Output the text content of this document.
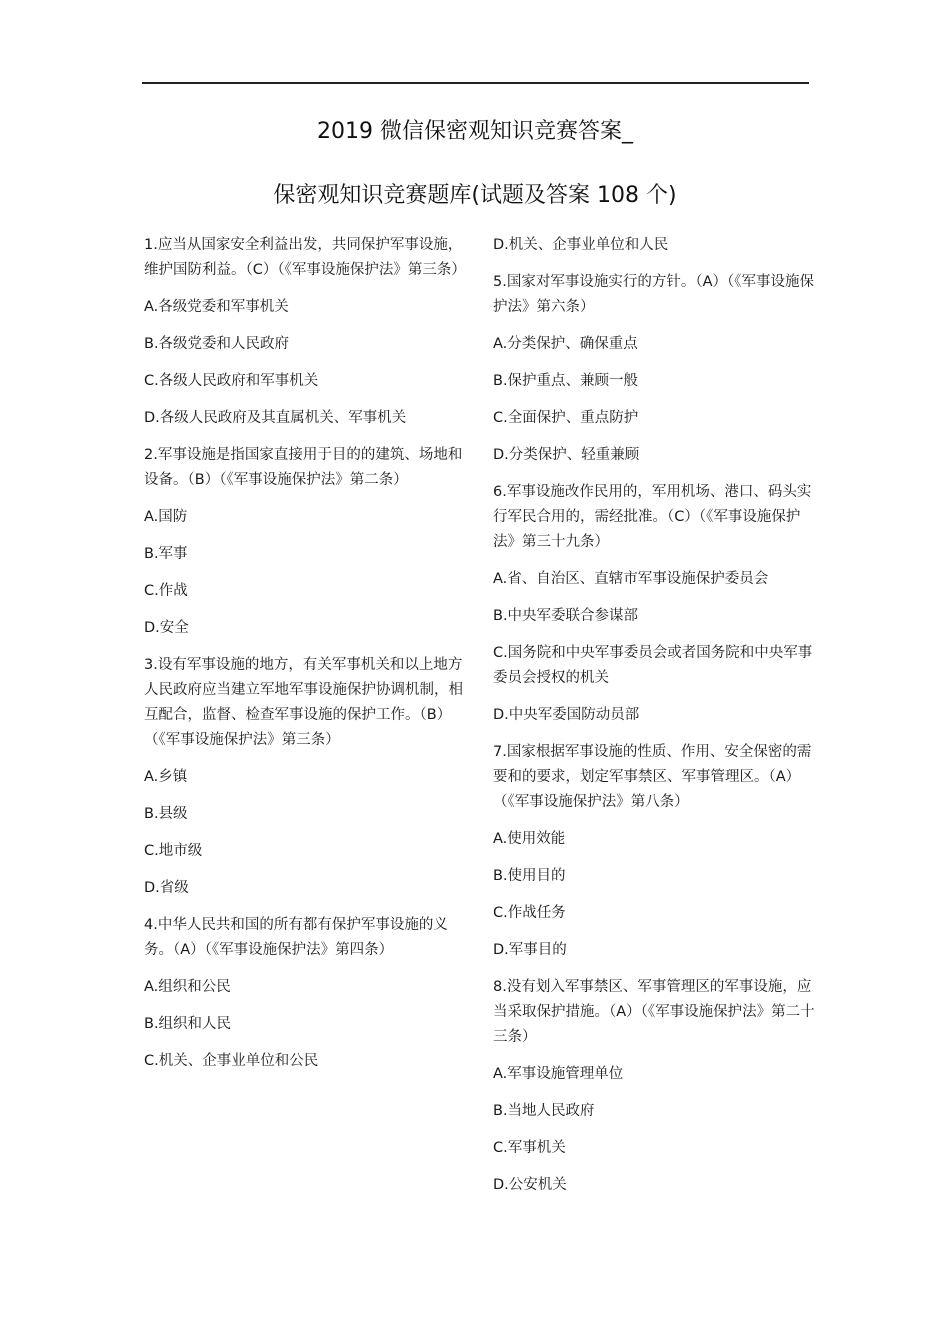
2019 微信保密观知识竞赛答案_
保密观知识竞赛题库(试题及答案 108 个)
1.应当从国家安全利益出发，共同保护军事设施，维护国防利益。（C）（《军事设施保护法》第三条）
A.各级党委和军事机关
B.各级党委和人民政府
C.各级人民政府和军事机关
D.各级人民政府及其直属机关、军事机关
2.军事设施是指国家直接用于目的的建筑、场地和设备。（B）（《军事设施保护法》第二条）
A.国防
B.军事
C.作战
D.安全
3.设有军事设施的地方，有关军事机关和以上地方人民政府应当建立军地军事设施保护协调机制，相互配合，监督、检查军事设施的保护工作。（B）（《军事设施保护法》第三条）
A.乡镇
B.县级
C.地市级
D.省级
4.中华人民共和国的所有都有保护军事设施的义务。（A）（《军事设施保护法》第四条）
A.组织和公民
B.组织和人民
C.机关、企事业单位和公民
D.机关、企事业单位和人民
5.国家对军事设施实行的方针。（A）（《军事设施保护法》第六条）
A.分类保护、确保重点
B.保护重点、兼顾一般
C.全面保护、重点防护
D.分类保护、轻重兼顾
6.军事设施改作民用的，军用机场、港口、码头实行军民合用的，需经批准。（C）（《军事设施保护法》第三十九条）
A.省、自治区、直辖市军事设施保护委员会
B.中央军委联合参谋部
C.国务院和中央军事委员会或者国务院和中央军事委员会授权的机关
D.中央军委国防动员部
7.国家根据军事设施的性质、作用、安全保密的需要和的要求，划定军事禁区、军事管理区。（A）（《军事设施保护法》第八条）
A.使用效能
B.使用目的
C.作战任务
D.军事目的
8.没有划入军事禁区、军事管理区的军事设施，应当采取保护措施。（A）（《军事设施保护法》第二十三条）
A.军事设施管理单位
B.当地人民政府
C.军事机关
D.公安机关
